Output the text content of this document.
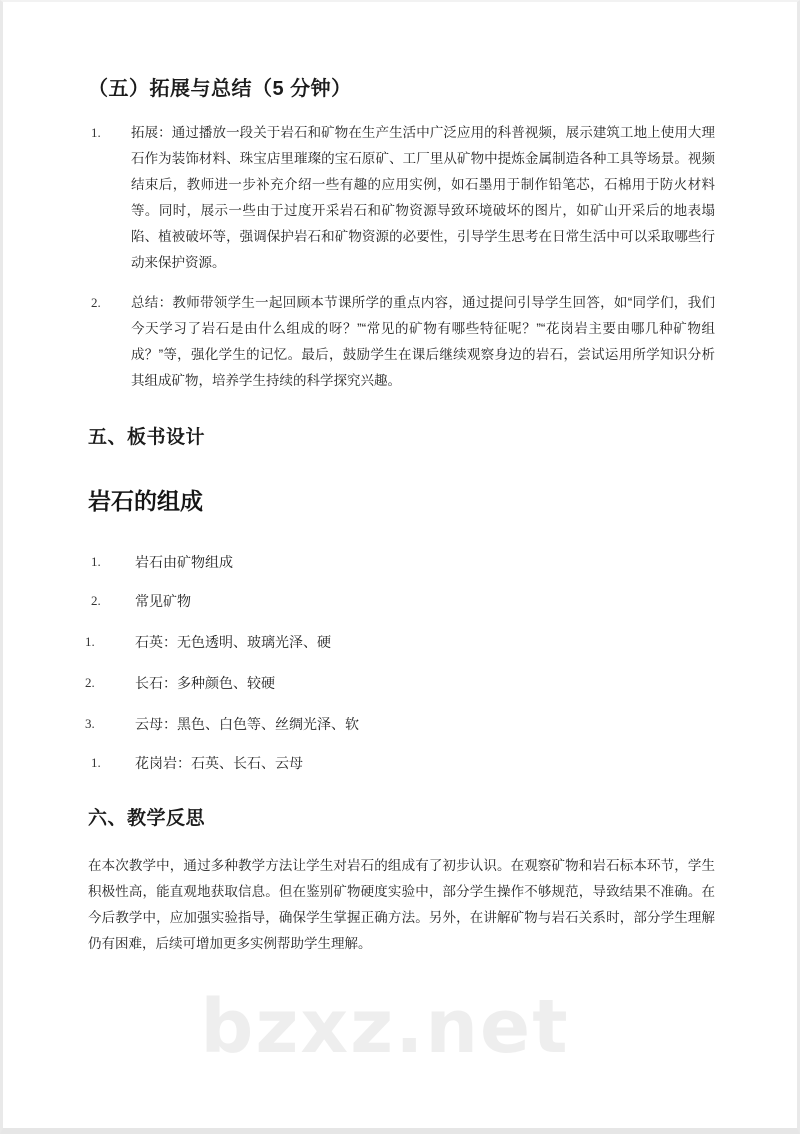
（五）拓展与总结（5 分钟）
1. 拓展：通过播放一段关于岩石和矿物在生产生活中广泛应用的科普视频，展示建筑工地上使用大理石作为装饰材料、珠宝店里璀璨的宝石原矿、工厂里从矿物中提炼金属制造各种工具等场景。视频结束后，教师进一步补充介绍一些有趣的应用实例，如石墨用于制作铅笔芯，石棉用于防火材料等。同时，展示一些由于过度开采岩石和矿物资源导致环境破坏的图片，如矿山开采后的地表塌陷、植被破坏等，强调保护岩石和矿物资源的必要性，引导学生思考在日常生活中可以采取哪些行动来保护资源。
2. 总结：教师带领学生一起回顾本节课所学的重点内容，通过提问引导学生回答，如“同学们，我们今天学习了岩石是由什么组成的呀？”“常见的矿物有哪些特征呢？”“花岗岩主要由哪几种矿物组成？”等，强化学生的记忆。最后，鼓励学生在课后继续观察身边的岩石，尝试运用所学知识分析其组成矿物，培养学生持续的科学探究兴趣。
五、板书设计
岩石的组成
1. 岩石由矿物组成
2. 常见矿物
1.	石英：无色透明、玻璃光泽、硬
2.	长石：多种颜色、较硬
3.	云母：黑色、白色等、丝绸光泽、软
1. 花岗岩：石英、长石、云母
六、教学反思

在本次教学中，通过多种教学方法让学生对岩石的组成有了初步认识。在观察矿物和岩石标本环节，学生积极性高，能直观地获取信息。但在鉴别矿物硬度实验中，部分学生操作不够规范，导致结果不准确。在今后教学中，应加强实验指导，确保学生掌握正确方法。另外，在讲解矿物与岩石关系时，部分学生理解仍有困难，后续可增加更多实例帮助学生理解。

bzxz.net
